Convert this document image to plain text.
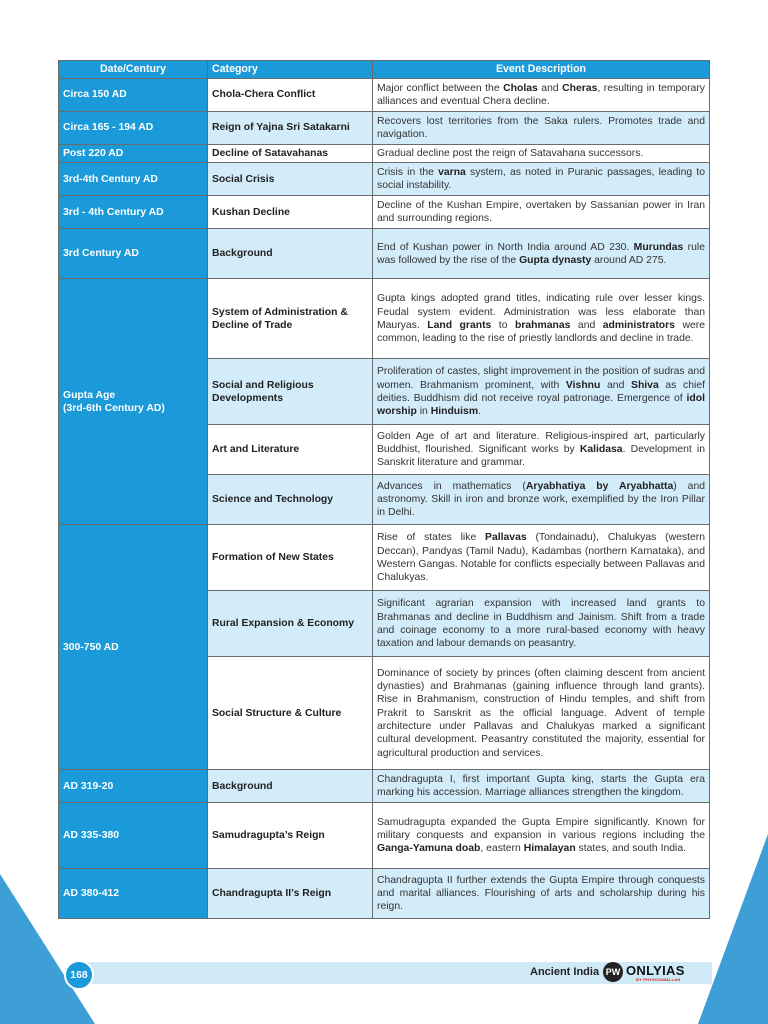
Date/Century	Category	Event Description
Circa 150 AD	Chola-Chera Conflict	Major conflict between the Cholas and Cheras, resulting in temporary alliances and eventual Chera decline.
Circa 165 - 194 AD	Reign of Yajna Sri Satakarni	Recovers lost territories from the Saka rulers. Promotes trade and navigation.
Post 220 AD	Decline of Satavahanas	Gradual decline post the reign of Satavahana successors.
3rd-4th Century AD	Social Crisis	Crisis in the varna system, as noted in Puranic passages, leading to social instability.
3rd - 4th Century AD	Kushan Decline	Decline of the Kushan Empire, overtaken by Sassanian power in Iran and surrounding regions.
3rd Century AD	Background	End of Kushan power in North India around AD 230. Murundas rule was followed by the rise of the Gupta dynasty around AD 275.

Gupta Age
(3rd-6th Century AD)	System of Administration & Decline of Trade	Gupta kings adopted grand titles, indicating rule over lesser kings. Feudal system evident. Administration was less elaborate than Mauryas. Land grants to brahmanas and administrators were common, leading to the rise of priestly landlords and decline in trade.
	Social and Religious Developments	Proliferation of castes, slight improvement in the position of sudras and women. Brahmanism prominent, with Vishnu and Shiva as chief deities. Buddhism did not receive royal patronage. Emergence of idol worship in Hinduism.
	Art and Literature	Golden Age of art and literature. Religious-inspired art, particularly Buddhist, flourished. Significant works by Kalidasa. Development in Sanskrit literature and grammar.
	Science and Technology	Advances in mathematics (Aryabhatiya by Aryabhatta) and astronomy. Skill in iron and bronze work, exemplified by the Iron Pillar in Delhi.
300-750 AD	Formation of New States	Rise of states like Pallavas (Tondainadu), Chalukyas (western Deccan), Pandyas (Tamil Nadu), Kadambas (northern Karnataka), and Western Gangas. Notable for conflicts especially between Pallavas and Chalukyas.
	Rural Expansion & Economy	Significant agrarian expansion with increased land grants to Brahmanas and decline in Buddhism and Jainism. Shift from a trade and coinage economy to a more rural-based economy with heavy taxation and labour demands on peasantry.
	Social Structure & Culture	Dominance of society by princes (often claiming descent from ancient dynasties) and Brahmanas (gaining influence through land grants). Rise in Brahmanism, construction of Hindu temples, and shift from Prakrit to Sanskrit as the official language. Advent of temple architecture under Pallavas and Chalukyas marked a significant cultural development. Peasantry constituted the majority, essential for agricultural production and services.
AD 319-20	Background	Chandragupta I, first important Gupta king, starts the Gupta era marking his accession. Marriage alliances strengthen the kingdom.
AD 335-380	Samudragupta’s Reign	Samudragupta expanded the Gupta Empire significantly. Known for military conquests and expansion in various regions including the Ganga-Yamuna doab, eastern Himalayan states, and south India.
AD 380-412	Chandragupta II’s Reign	Chandragupta II further extends the Gupta Empire through conquests and marital alliances. Flourishing of arts and scholarship during his reign.
168	Ancient India PW ONLYIAS
BY PHYSICSWALLAH
